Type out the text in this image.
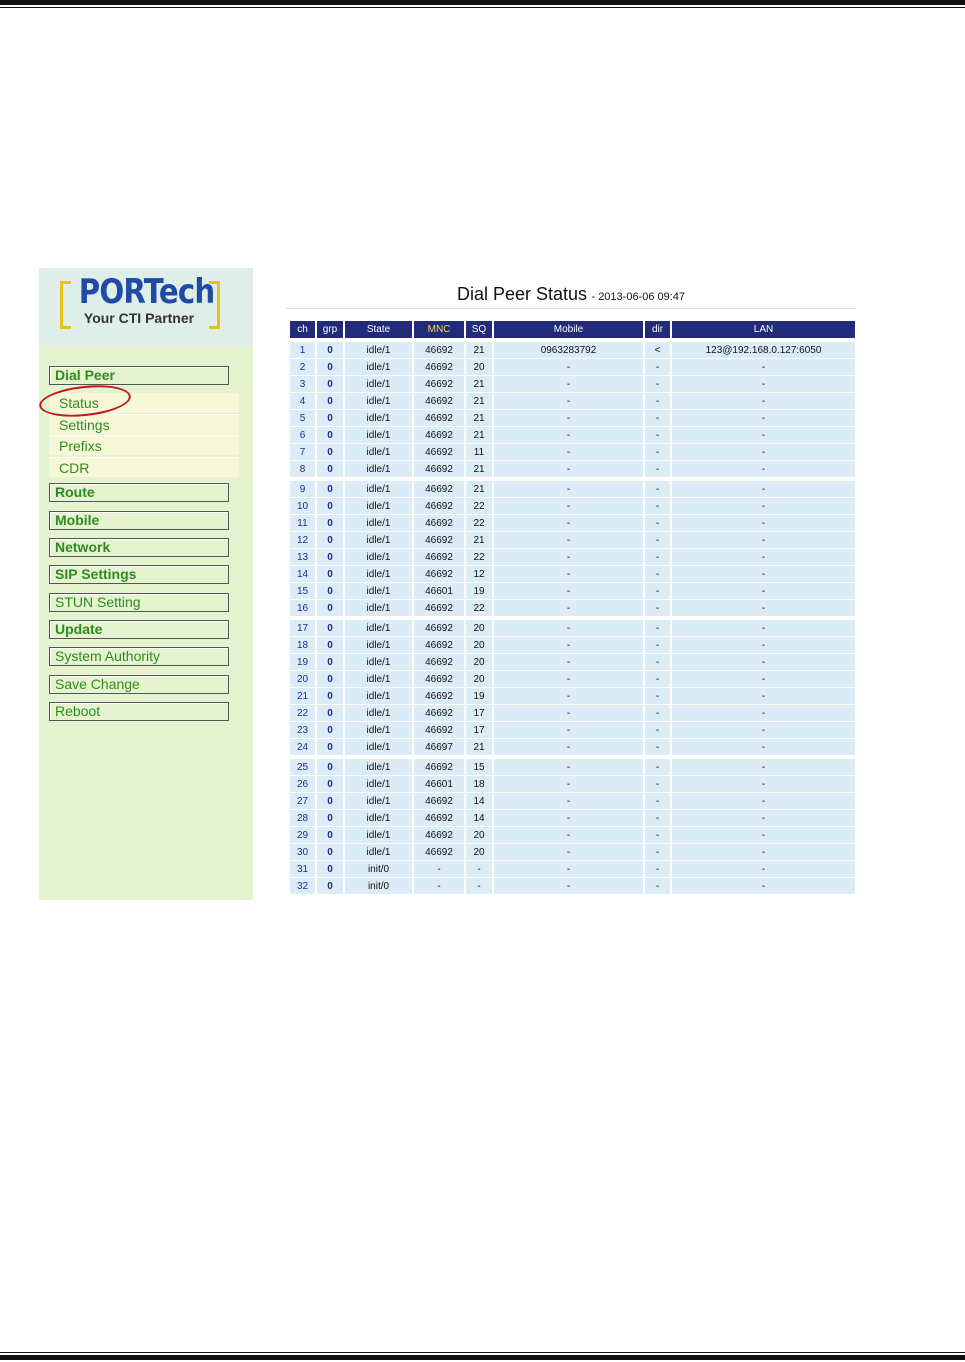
PORTech
Your CTI Partner
Dial Peer
Status
Settings
Prefixs
CDR
Route
Mobile
Network
SIP Settings
STUN Setting
Update
System Authority
Save Change
Reboot
Dial Peer Status - 2013-06-06 09:47
ch	grp	State	MNC	SQ	Mobile	dir	LAN

1	0	idle/1	46692	21	0963283792	<	123@192.168.0.127:6050
2	0	idle/1	46692	20	-	-	-
3	0	idle/1	46692	21	-	-	-
4	0	idle/1	46692	21	-	-	-
5	0	idle/1	46692	21	-	-	-
6	0	idle/1	46692	21	-	-	-
7	0	idle/1	46692	11	-	-	-
8	0	idle/1	46692	21	-	-	-
9	0	idle/1	46692	21	-	-	-
10	0	idle/1	46692	22	-	-	-
11	0	idle/1	46692	22	-	-	-
12	0	idle/1	46692	21	-	-	-
13	0	idle/1	46692	22	-	-	-
14	0	idle/1	46692	12	-	-	-
15	0	idle/1	46601	19	-	-	-
16	0	idle/1	46692	22	-	-	-
17	0	idle/1	46692	20	-	-	-
18	0	idle/1	46692	20	-	-	-
19	0	idle/1	46692	20	-	-	-
20	0	idle/1	46692	20	-	-	-
21	0	idle/1	46692	19	-	-	-
22	0	idle/1	46692	17	-	-	-
23	0	idle/1	46692	17	-	-	-
24	0	idle/1	46697	21	-	-	-
25	0	idle/1	46692	15	-	-	-
26	0	idle/1	46601	18	-	-	-
27	0	idle/1	46692	14	-	-	-
28	0	idle/1	46692	14	-	-	-
29	0	idle/1	46692	20	-	-	-
30	0	idle/1	46692	20	-	-	-
31	0	init/0	-	-	-	-	-
32	0	init/0	-	-	-	-	-
